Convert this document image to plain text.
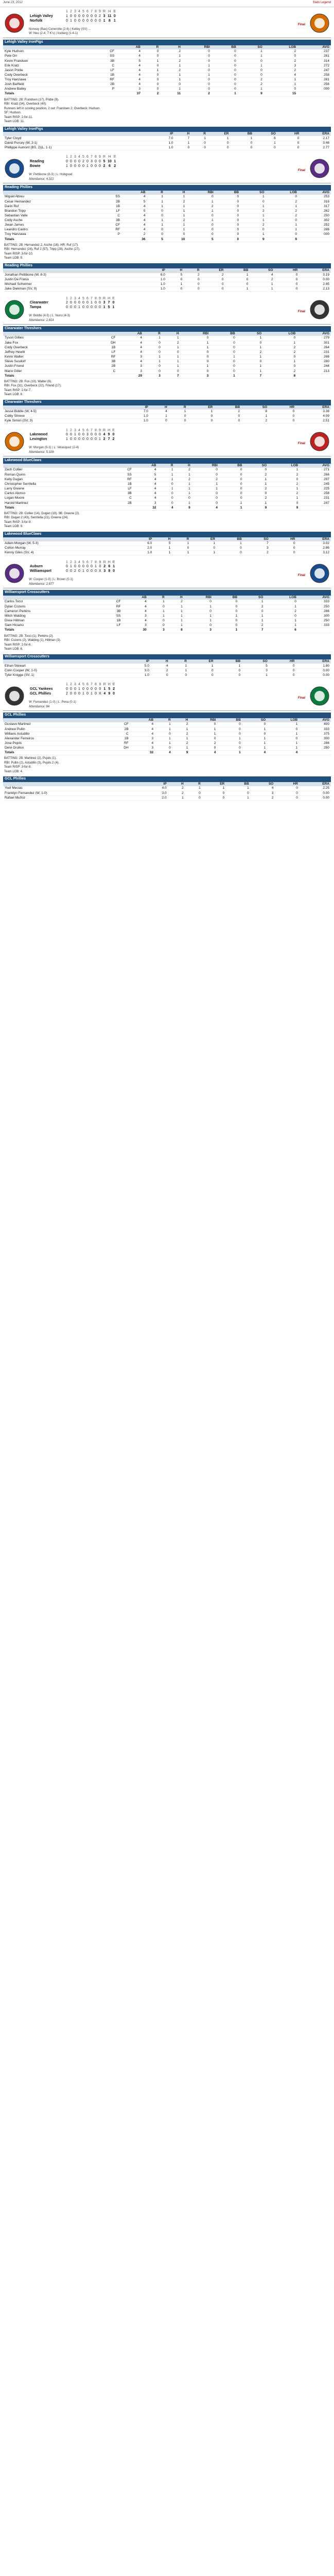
June 23, 2012	Stats Legend
	1	2	3	4	5	6	7	8	9	R	H	E
Lehigh Valley	1	0	0	0	0	0	0	0	2	3	11	0
Norfolk	0	1	0	0	0	0	0	0	0	1	8	1
Final
Norway (Bav) Cenerotte (2-6) | Kelley (SV) ...
W: Neu (2-4, 7 K's) | Iceberg (1-4-1)
Lehigh Valley IronPigs
		AB	R	H	RBI	BB	SO	LOB	AVG
Kyle Hudson	CF	4	0	2	0	0	1	2	237
Pete Orr	SS	4	0	1	0	0	1	0	281
Kevin Frandsen	3B	5	1	2	0	0	0	2	314
Erik Kratz	C	4	0	1	1	0	1	3	272
Jason Pridie	LF	4	1	2	0	0	0	2	247
Cody Overbeck	1B	4	0	1	1	0	0	4	258
Troy Hanzawa	RF	4	0	1	0	0	2	1	281
Josh Barfield	2B	4	0	0	0	0	2	1	256
Andrew Bailey	P	3	0	1	0	0	1	0	000
Totals		37	2	11	2	1	9	15	

BATTING: 2B: Frandsen (17), Pridie (9).

RBI: Kratz (34), Overbeck (40).

Runners left in scoring position, 2 out: Frandsen 2; Overbeck; Hudson.

SF: Hudson.

Team RISP: 2-for-11.

Team LOB: 11.

Lehigh Valley IronPigs
	IP	H	R	ER	BB	SO	HR	ERA
Tyler Cloyd	7.0	7	1	1	1	6	0	2.17
David Purcey (W, 2-1)	1.0	1	0	0	0	1	0	3.48
Phillippe Aumont (BS, 2)(L, 1-1)	1.0	0	0	0	0	0	0	2.77
	1	2	3	4	5	6	7	8	9	R	H	E
Reading	0	0	0	0	2	0	3	0	0	5	10	1
Bowie	1	0	0	0	0	1	0	0	0	2	6	2
Final
W: Pettibone (8-3) | L: Hobgood
Attendance: 4,322
Reading Phillies
		AB	R	H	RBI	BB	SO	LOB	AVG
Miguel Abreu	SS	4	1	1	0	0	1	0	253
Cesar Hernandez	2B	5	1	2	1	0	0	2	316
Darin Ruf	1B	4	1	1	2	0	1	1	317
Brandon Tripp	LF	5	0	1	1	0	2	2	262
Sebastian Valle	C	4	0	1	0	0	1	2	250
Cody Asche	3B	4	1	2	1	0	1	0	302
Jiwan James	CF	4	1	1	0	0	2	1	252
Leandro Castro	RF	4	0	1	0	0	0	1	266
Troy Hanzawa	P	2	0	0	0	0	1	0	000
Totals		36	5	10	5	0	9	9	

BATTING: 2B: Hernandez 2, Asche (16). HR: Ruf (17).

RBI: Hernandez (24), Ruf 2 (57), Tripp (28), Asche (27).

Team RISP: 3-for-10.

Team LOB: 9.

Reading Phillies
	IP	H	R	ER	BB	SO	HR	ERA
Jonathan Pettibone (W, 8-3)	6.0	5	2	2	1	4	0	3.19
Justin De Fratus	1.0	0	0	0	0	2	0	0.00
Michael Schwimer	1.0	1	0	0	0	1	0	2.45
Jake Diekman (SV, 9)	1.0	0	0	0	1	1	0	2.13
	1	2	3	4	5	6	7	8	9	R	H	E
Clearwater	2	0	0	0	0	0	1	0	0	3	7	0
Tampa	0	0	0	1	0	0	0	0	0	1	5	1
Final
W: Biddle (4-5) | L: Nuno (4-3)
Attendance: 2,814
Clearwater Threshers
		AB	R	H	RBI	BB	SO	LOB	AVG
Tyson Gillies	CF	4	1	1	0	0	1	0	279
Jake Fox	DH	4	0	2	1	0	0	1	301
Cody Overbeck	1B	4	0	1	1	0	1	2	264
Jeffrey Hewitt	LF	4	0	0	0	0	2	2	231
Kevin Walter	RF	3	1	1	0	1	1	0	266
Steve Susdorf	3B	4	1	1	0	0	0	1	280
Justin Friend	2B	3	0	1	1	0	1	0	244
Mario Gitler	C	3	0	0	0	0	1	2	213
Totals		29	3	7	3	1	7	8	

BATTING: 2B: Fox (10), Walter (6).

RBI: Fox (31), Overbeck (22), Friend (17).

Team RISP: 2-for-7.

Team LOB: 8.

Clearwater Threshers
	IP	H	R	ER	BB	SO	HR	ERA
Jesse Biddle (W, 4-5)	7.0	4	1	1	2	8	0	3.38
Colby Shreve	1.0	1	0	0	0	1	0	4.09
Kyle Simon (SV, 3)	1.0	0	0	0	0	2	0	2.51
	1	2	3	4	5	6	7	8	9	R	H	E
Lakewood	0	0	1	0	0	3	0	0	0	4	9	0
Lexington	1	0	0	0	0	0	0	0	1	2	7	2
Final
W: Morgan (5-3) | L: Velasquez (2-4)
Attendance: 5,108
Lakewood BlueClaws
		AB	R	H	RBI	BB	SO	LOB	AVG
Zach Collier	CF	4	1	2	0	0	0	1	271
Roman Quinn	SS	5	1	1	0	0	2	2	266
Kelly Dugan	RF	4	1	2	2	0	1	0	297
Christopher Serritella	1B	4	0	1	1	0	1	2	245
Larry Greene	LF	4	1	1	1	0	2	1	225
Carlos Alonso	3B	4	0	1	0	0	0	2	258
Logan Moore	C	4	0	0	0	0	2	1	231
Harold Martinez	2B	3	0	1	0	1	1	0	247
Totals		32	4	9	4	1	9	9	

BATTING: 2B: Collier (14), Dugan (19). 3B: Greene (2).

RBI: Dugan 2 (43), Serritella (21), Greene (24).

Team RISP: 3-for-9.

Team LOB: 9.

Lakewood BlueClaws
	IP	H	R	ER	BB	SO	HR	ERA
Adam Morgan (W, 5-3)	6.0	5	1	1	1	7	0	3.02
Colton Murray	2.0	1	0	0	0	3	0	2.86
Kenny Giles (SV, 4)	1.0	1	1	1	0	2	0	3.12
	1	2	3	4	5	6	7	8	9	R	H	E
Auburn	0	1	0	0	0	0	0	1	0	2	6	1
Williamsport	0	0	2	0	1	0	0	0	X	3	8	0
Final
W: Cooper (1-0) | L: Brown (0-1)
Attendance: 2,677
Williamsport Crosscutters
		AB	R	H	RBI	BB	SO	LOB	AVG
Carlos Tocci	CF	4	1	2	0	0	1	0	333
Dylan Cozens	RF	4	0	1	1	0	2	1	250
Cameron Perkins	3B	4	1	1	0	0	0	2	286
Mitch Walding	SS	3	1	1	1	1	1	0	300
Drew Hillman	1B	4	0	1	1	0	1	1	250
Sam Hiciano	LF	3	0	1	0	0	2	1	333
Totals		30	3	8	3	1	7	6	

BATTING: 2B: Tocci (1), Perkins (2).

RBI: Cozens (2), Walding (1), Hillman (3).

Team RISP: 2-for-6.

Team LOB: 6.

Williamsport Crosscutters
	IP	H	R	ER	BB	SO	HR	ERA
Ethan Stewart	5.0	4	1	1	1	5	0	1.80
Colin Cooper (W, 1-0)	3.0	2	1	0	0	3	0	0.00
Tyler Knigge (SV, 1)	1.0	0	0	0	0	1	0	0.00
	1	2	3	4	5	6	7	8	9	R	H	E
GCL Yankees	0	0	0	1	0	0	0	0	0	1	5	2
GCL Phillies	2	0	0	0	1	0	1	0	X	4	9	0
Final
W: Fernandez (1-0) | L: Pena (0-1)
Attendance: 84
GCL Phillies
		AB	R	H	RBI	BB	SO	LOB	AVG
Gustavo Martinez	CF	4	1	2	0	0	0	1	400
Andrew Pullin	2B	4	1	1	1	0	1	0	333
Willians Astudillo	C	4	0	2	1	0	0	1	375
Alexander Ferreiros	1B	3	1	1	0	1	1	0	300
Jose Pujols	RF	4	1	2	2	0	1	1	286
Deivi Grullon	DH	3	0	1	0	0	1	1	250
Totals		32	4	9	4	1	4	4	

BATTING: 2B: Martinez (2), Pujols (1).

RBI: Pullin (2), Astudillo (3), Pujols 2 (4).

Team RISP: 3-for-8.

Team LOB: 4.

GCL Phillies
	IP	H	R	ER	BB	SO	HR	ERA
Yoel Mecias	4.0	2	1	1	1	4	0	2.25
Franklyn Fernandez (W, 1-0)	3.0	2	0	0	0	3	0	0.00
Rafael Muñoz	2.0	1	0	0	1	2	0	0.00
